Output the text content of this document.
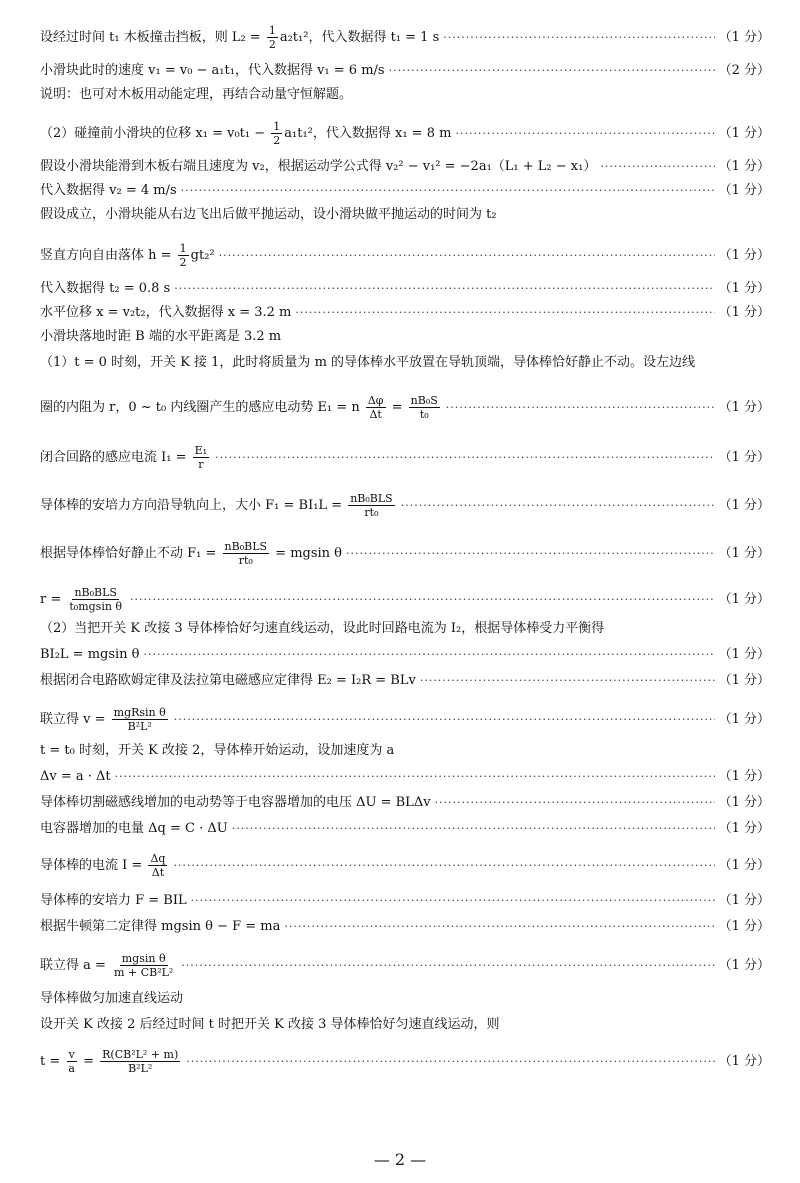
设经过时间 t₁ 木板撞击挡板，则 $L_2 = \frac{1}{2} a_2t_1^2$，代入数据得 t₁ = 1 s ·····	（1 分）
小滑块此时的速度 v₁ = v₀ − a₁t₁，代入数据得 v₁ = 6 m/s ·····	（2 分）
说明：也可对木板用动能定理，再结合动量守恒解题。
（2）碰撞前小滑块的位移 $x_1 = v_0t_1 - \frac{1}{2} a_1t_1^2$，代入数据得 x₁ = 8 m ·····	（1 分）
假设小滑块能滑到木板右端且速度为 v₂，根据运动学公式得 v₂² − v₁² = −2a₁（L₁ + L₂ − x₁） ·····	（1 分）
代入数据得 v₂ = 4 m/s ·····	（1 分）
假设成立，小滑块能从右边飞出后做平抛运动，设小滑块做平抛运动的时间为 t₂
竖直方向自由落体 $h = \frac{1}{2} gt_2^2$ ·····	（1 分）
代入数据得 t₂ = 0.8 s ·····	（1 分）
水平位移 x = v₂t₂，代入数据得 x = 3.2 m ·····	（1 分）
小滑块落地时距 B 端的水平距离是 3.2 m
（1）t = 0 时刻，开关 K 接 1，此时将质量为 m 的导体棒水平放置在导轨顶端，导体棒恰好静止不动。设左边线
圈的内阻为 r，0 ~ t₀ 内线圈产生的感应电动势 E₁ = n $\frac{\Delta\varphi}{\Delta t} = \frac{\text{nB₀S}}{\text{t₀}}$ ·····	（1 分）
闭合回路的感应电流 $I_1 = \frac{\text{E₁}}{r}$ ·····	（1 分）
导体棒的安培力方向沿导轨向上，大小 $F_1 = BI_1L = \frac{\text{nB₀BLS}}{\text{rt₀}}$ ·····	（1 分）
根据导体棒恰好静止不动 $F_1 = \frac{\text{nB₀BLS}}{\text{rt₀}} = mgsin$ θ ·····	（1 分）
$r = \frac{\text{nB₀BLS}}{\text{t₀mgsin θ}}$ ·····	（1 分）
（2）当把开关 K 改接 3 导体棒恰好匀速直线运动，设此时回路电流为 I₂，根据导体棒受力平衡得
BI₂L = mgsin θ ·····	（1 分）
根据闭合电路欧姆定律及法拉第电磁感应定律得 E₂ = I₂R = BLv ·····	（1 分）
联立得 $v = \frac{\text{mgRsin θ}}{\text{B²L²}}$ ·····	（1 分）
t = t₀ 时刻，开关 K 改接 2，导体棒开始运动，设加速度为 a
Δv = a · Δt ·····	（1 分）
导体棒切割磁感线增加的电动势等于电容器增加的电压 ΔU = BLΔv ·····	（1 分）
电容器增加的电量 Δq = C · ΔU ·····	（1 分）
导体棒的电流 $I = \frac{\Delta q}{\Delta t}$ ·····	（1 分）
导体棒的安培力 F = BIL ·····	（1 分）
根据牛顿第二定律得 mgsin θ − F = ma ·····	（1 分）
联立得 $a = \frac{\text{mgsin θ}}{\text{m + CB²L²}}$ ·····	（1 分）
导体棒做匀加速直线运动
设开关 K 改接 2 后经过时间 t 时把开关 K 改接 3 导体棒恰好匀速直线运动，则
$t = \frac{v}{a} = \frac{\text{R(CB²L² + m)}}{\text{B²L²}}$ ·····	（1 分）
— 2 —
